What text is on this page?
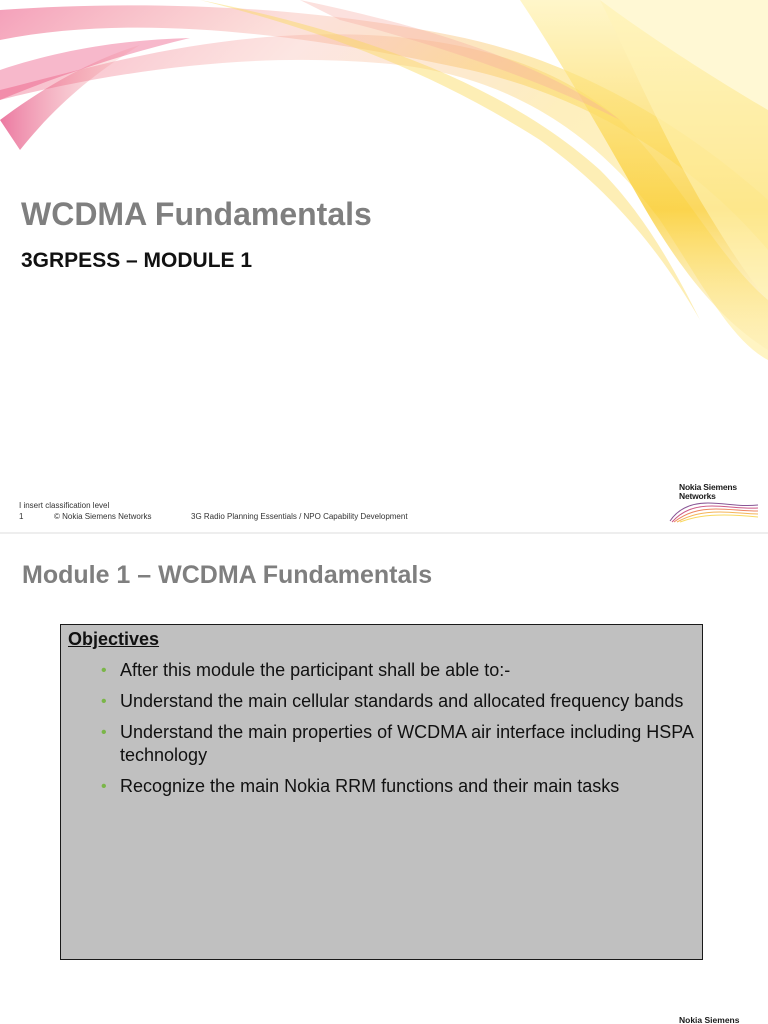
WCDMA Fundamentals
3GRPESS – MODULE 1
I insert classification level
1	© Nokia Siemens Networks	3G Radio Planning Essentials / NPO Capability Development
Nokia Siemens
Networks
Module 1 – WCDMA Fundamentals
Objectives
• After this module the participant shall be able to:-
• Understand the main cellular standards and allocated frequency bands
• Understand the main properties of WCDMA air interface including HSPA technology
• Recognize the main Nokia RRM functions and their main tasks
Nokia Siemens
